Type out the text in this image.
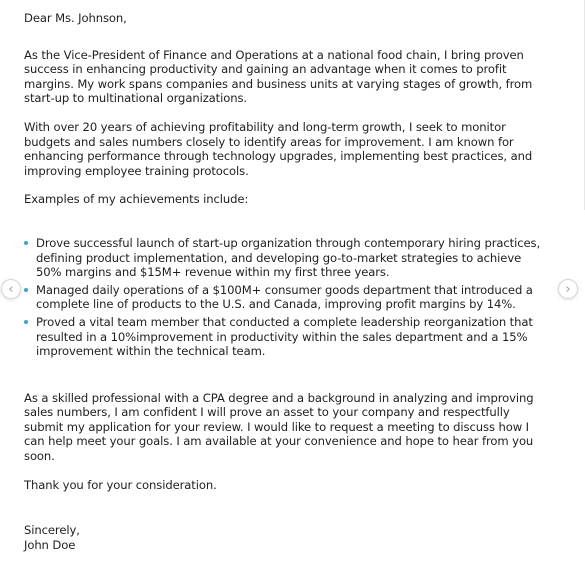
Dear Ms. Johnson,

As the Vice-President of Finance and Operations at a national food chain, I bring proven success in enhancing productivity and gaining an advantage when it comes to profit margins. My work spans companies and business units at varying stages of growth, from start-up to multinational organizations.

With over 20 years of achieving profitability and long-term growth, I seek to monitor budgets and sales numbers closely to identify areas for improvement. I am known for enhancing performance through technology upgrades, implementing best practices, and improving employee training protocols.

Examples of my achievements include:

Drove successful launch of start-up organization through contemporary hiring practices, defining product implementation, and developing go-to-market strategies to achieve 50% margins and $15M+ revenue within my first three years.
Managed daily operations of a $100M+ consumer goods department that introduced a complete line of products to the U.S. and Canada, improving profit margins by 14%.
Proved a vital team member that conducted a complete leadership reorganization that resulted in a 10%improvement in productivity within the sales department and a 15% improvement within the technical team.

As a skilled professional with a CPA degree and a background in analyzing and improving sales numbers, I am confident I will prove an asset to your company and respectfully submit my application for your review. I would like to request a meeting to discuss how I can help meet your goals. I am available at your convenience and hope to hear from you soon.

Thank you for your consideration.

Sincerely,

John Doe

‹	›
